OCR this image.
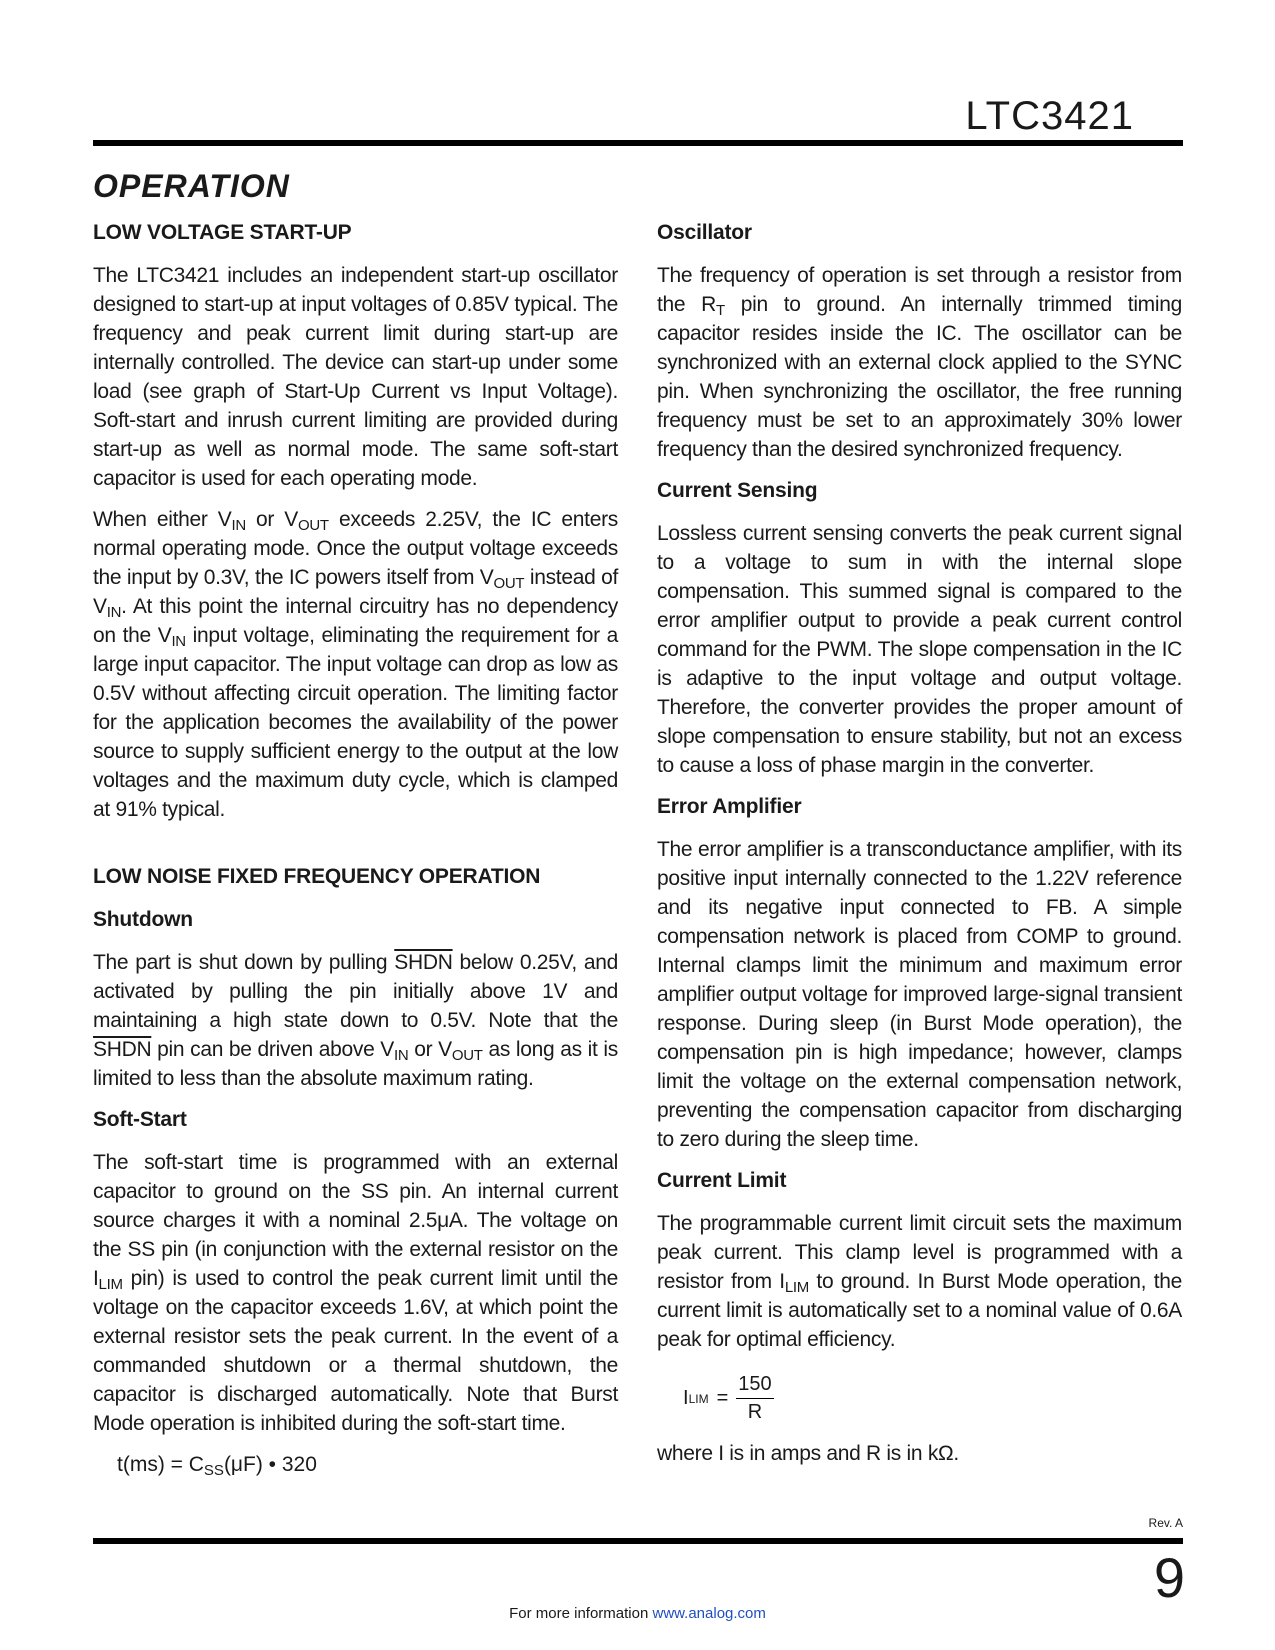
LTC3421
OPERATION
LOW VOLTAGE START-UP

The LTC3421 includes an independent start-up oscillator designed to start-up at input voltages of 0.85V typical. The frequency and peak current limit during start-up are internally controlled. The device can start-up under some load (see graph of Start-Up Current vs Input Voltage). Soft-start and inrush current limiting are provided during start-up as well as normal mode. The same soft-start capacitor is used for each operating mode.

When either $V_{IN}$ or $V_{OUT}$ exceeds 2.25V, the IC enters normal operating mode. Once the output voltage exceeds the input by 0.3V, the IC powers itself from $V_{OUT}$ instead of $V_{IN}$. At this point the internal circuitry has no dependency on the $V_{IN}$ input voltage, eliminating the requirement for a large input capacitor. The input voltage can drop as low as 0.5V without affecting circuit operation. The limiting factor for the application becomes the availability of the power source to supply sufficient energy to the output at the low voltages and the maximum duty cycle, which is clamped at 91% typical.

LOW NOISE FIXED FREQUENCY OPERATION
Shutdown

The part is shut down by pulling SHDN below 0.25V, and activated by pulling the pin initially above 1V and maintaining a high state down to 0.5V. Note that the SHDN pin can be driven above $V_{IN}$ or $V_{OUT}$ as long as it is limited to less than the absolute maximum rating.

Soft-Start

The soft-start time is programmed with an external capacitor to ground on the SS pin. An internal current source charges it with a nominal 2.5μA. The voltage on the SS pin (in conjunction with the external resistor on the $I_{LIM}$ pin) is used to control the peak current limit until the voltage on the capacitor exceeds 1.6V, at which point the external resistor sets the peak current. In the event of a commanded shutdown or a thermal shutdown, the capacitor is discharged automatically. Note that Burst Mode operation is inhibited during the soft-start time.

$t(ms) = C_{SS}(\mu F)$ • 320
Oscillator

The frequency of operation is set through a resistor from the $R_T$ pin to ground. An internally trimmed timing capacitor resides inside the IC. The oscillator can be synchronized with an external clock applied to the SYNC pin. When synchronizing the oscillator, the free running frequency must be set to an approximately 30% lower frequency than the desired synchronized frequency.

Current Sensing

Lossless current sensing converts the peak current signal to a voltage to sum in with the internal slope compensation. This summed signal is compared to the error amplifier output to provide a peak current control command for the PWM. The slope compensation in the IC is adaptive to the input voltage and output voltage. Therefore, the converter provides the proper amount of slope compensation to ensure stability, but not an excess to cause a loss of phase margin in the converter.

Error Amplifier

The error amplifier is a transconductance amplifier, with its positive input internally connected to the 1.22V reference and its negative input connected to FB. A simple compensation network is placed from COMP to ground. Internal clamps limit the minimum and maximum error amplifier output voltage for improved large-signal transient response. During sleep (in Burst Mode operation), the compensation pin is high impedance; however, clamps limit the voltage on the external compensation network, preventing the compensation capacitor from discharging to zero during the sleep time.

Current Limit

The programmable current limit circuit sets the maximum peak current. This clamp level is programmed with a resistor from $I_{LIM}$ to ground. In Burst Mode operation, the current limit is automatically set to a nominal value of 0.6A peak for optimal efficiency.

I LIM = $\frac{150}{R}$

where I is in amps and R is in kΩ.

Rev. A
9
For more information www.analog.com
